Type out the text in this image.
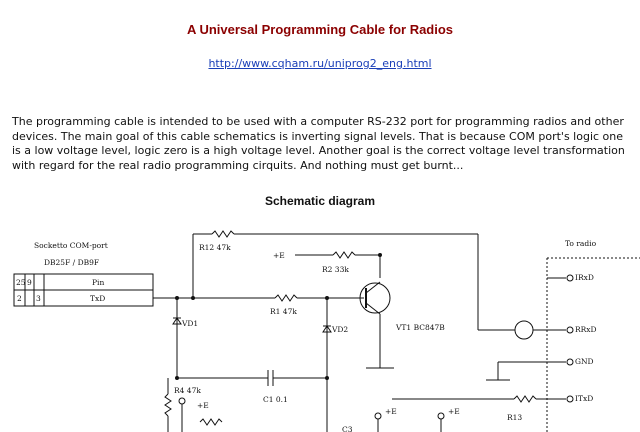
A Universal Programming Cable for Radios
http://www.cqham.ru/uniprog2_eng.html

The programming cable is intended to be used with a computer RS-232 port for programming radios and other devices. The main goal of this cable schematics is inverting signal levels. That is because COM port's logic one is a low voltage level, logic zero is a high voltage level. Another goal is the correct voltage level transformation with regard for the real radio programming cirquits. And nothing must get burnt...

Schematic diagram
Socketto COM-port
DB25F / DB9F
To radio
25 9	Pin
2 3	TxD
R12 47k
+E
R2 33k
R1 47k
VD1
VD2	VT1 BC847B
C1 0.1
R4 47k
+E
+E	+E
R13
C3
IRxD
RRxD
GND
ITxD
